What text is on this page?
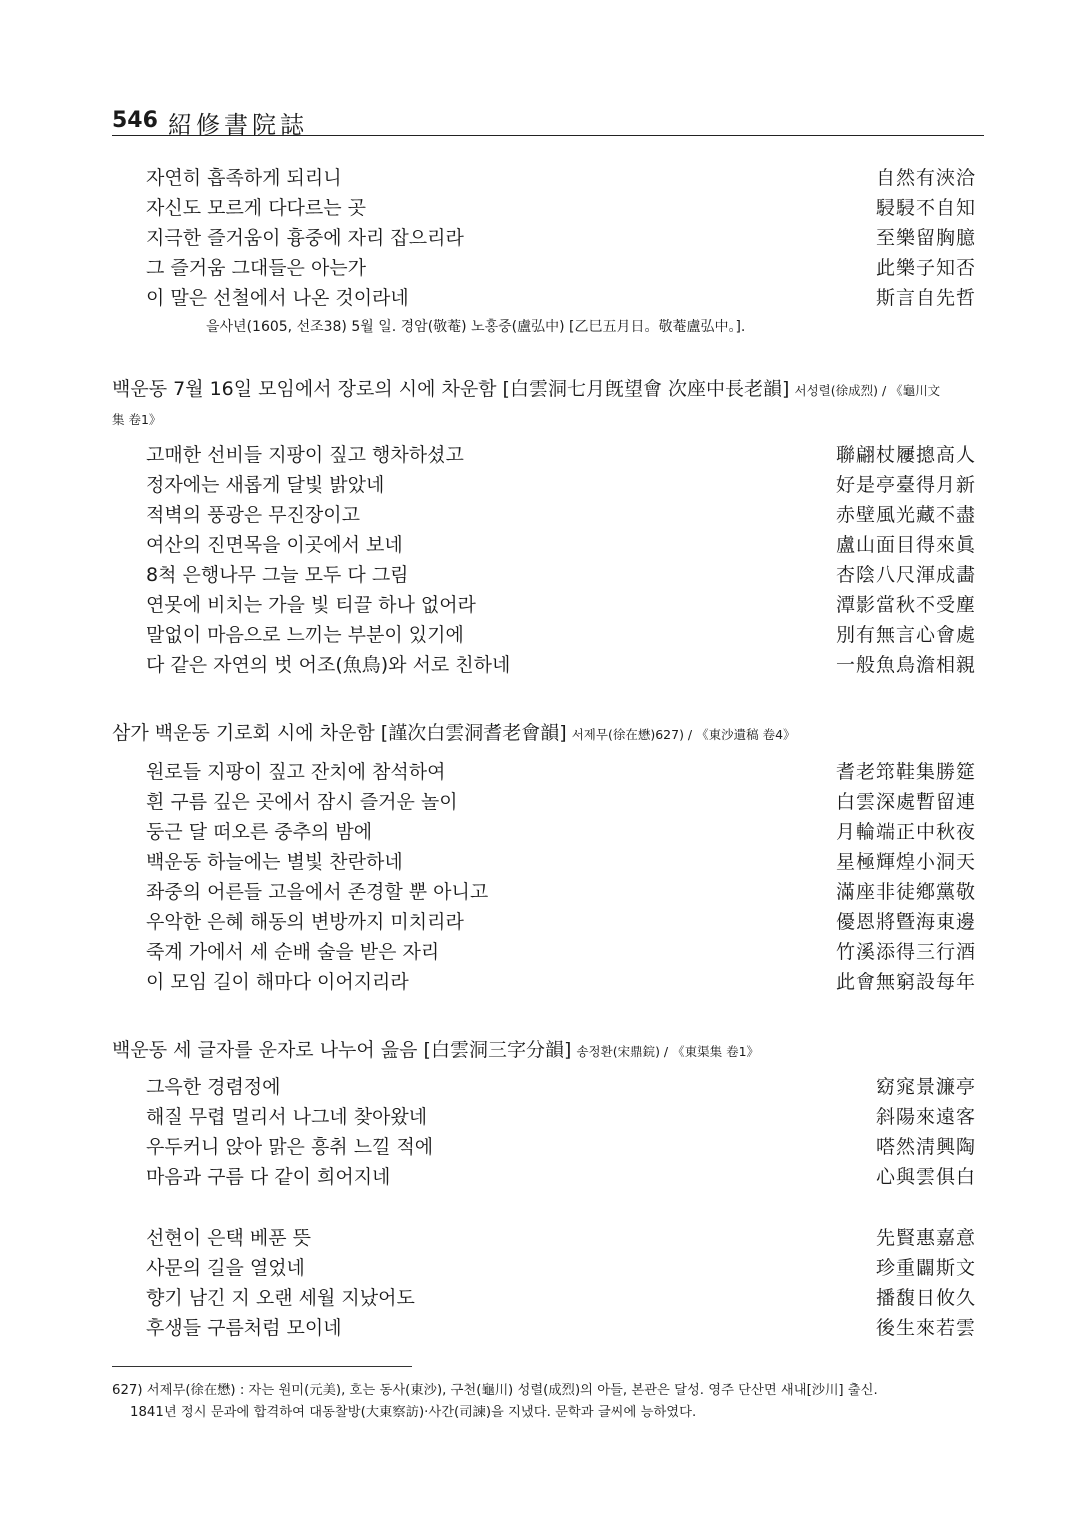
546 紹修書院誌
자연히 흡족하게 되리니	自然有浹洽
자신도 모르게 다다르는 곳	駸駸不自知
지극한 즐거움이 흉중에 자리 잡으리라	至樂留胸臆
그 즐거움 그대들은 아는가	此樂子知否
이 말은 선철에서 나온 것이라네	斯言自先哲
을사년(1605, 선조38) 5월 일. 경암(敬菴) 노홍중(盧弘中) [乙巳五月日。敬菴盧弘中。].
백운동 7월 16일 모임에서 장로의 시에 차운함 [白雲洞七月旣望會 次座中長老韻] 서성렬(徐成烈) / 《龜川文
集 卷1》
고매한 선비들 지팡이 짚고 행차하셨고	聯翩杖屨摠高人
정자에는 새롭게 달빛 밝았네	好是亭臺得月新
적벽의 풍광은 무진장이고	赤壁風光藏不盡
여산의 진면목을 이곳에서 보네	盧山面目得來眞
8척 은행나무 그늘 모두 다 그림	杏陰八尺渾成畵
연못에 비치는 가을 빛 티끌 하나 없어라	潭影當秋不受塵
말없이 마음으로 느끼는 부분이 있기에	別有無言心會處
다 같은 자연의 벗 어조(魚鳥)와 서로 친하네	一般魚鳥澹相親
삼가 백운동 기로회 시에 차운함 [謹次白雲洞耆老會韻] 서제무(徐在懋)627) / 《東沙遺稿 卷4》
원로들 지팡이 짚고 잔치에 참석하여	耆老筇鞋集勝筵
흰 구름 깊은 곳에서 잠시 즐거운 놀이	白雲深處暫留連
둥근 달 떠오른 중추의 밤에	月輪端正中秋夜
백운동 하늘에는 별빛 찬란하네	星極輝煌小洞天
좌중의 어른들 고을에서 존경할 뿐 아니고	滿座非徒鄕黨敬
우악한 은혜 해동의 변방까지 미치리라	優恩將曁海東邊
죽계 가에서 세 순배 술을 받은 자리	竹溪添得三行酒
이 모임 길이 해마다 이어지리라	此會無窮設每年
백운동 세 글자를 운자로 나누어 읊음 [白雲洞三字分韻] 송정환(宋鼎鋎) / 《東渠集 卷1》
그윽한 경렴정에	窈窕景濂亭
해질 무렵 멀리서 나그네 찾아왔네	斜陽來遠客
우두커니 앉아 맑은 흥취 느낄 적에	嗒然淸興陶
마음과 구름 다 같이 희어지네	心與雲俱白
선현이 은택 베푼 뜻	先賢惠嘉意
사문의 길을 열었네	珍重闢斯文
향기 남긴 지 오랜 세월 지났어도	播馥日攸久
후생들 구름처럼 모이네	後生來若雲
627) 서제무(徐在懋) : 자는 원미(元美), 호는 동사(東沙), 구천(龜川) 성렬(成烈)의 아들, 본관은 달성. 영주 단산면 새내[沙川] 출신.
1841년 정시 문과에 합격하여 대동찰방(大東察訪)·사간(司諫)을 지냈다. 문학과 글씨에 능하였다.
